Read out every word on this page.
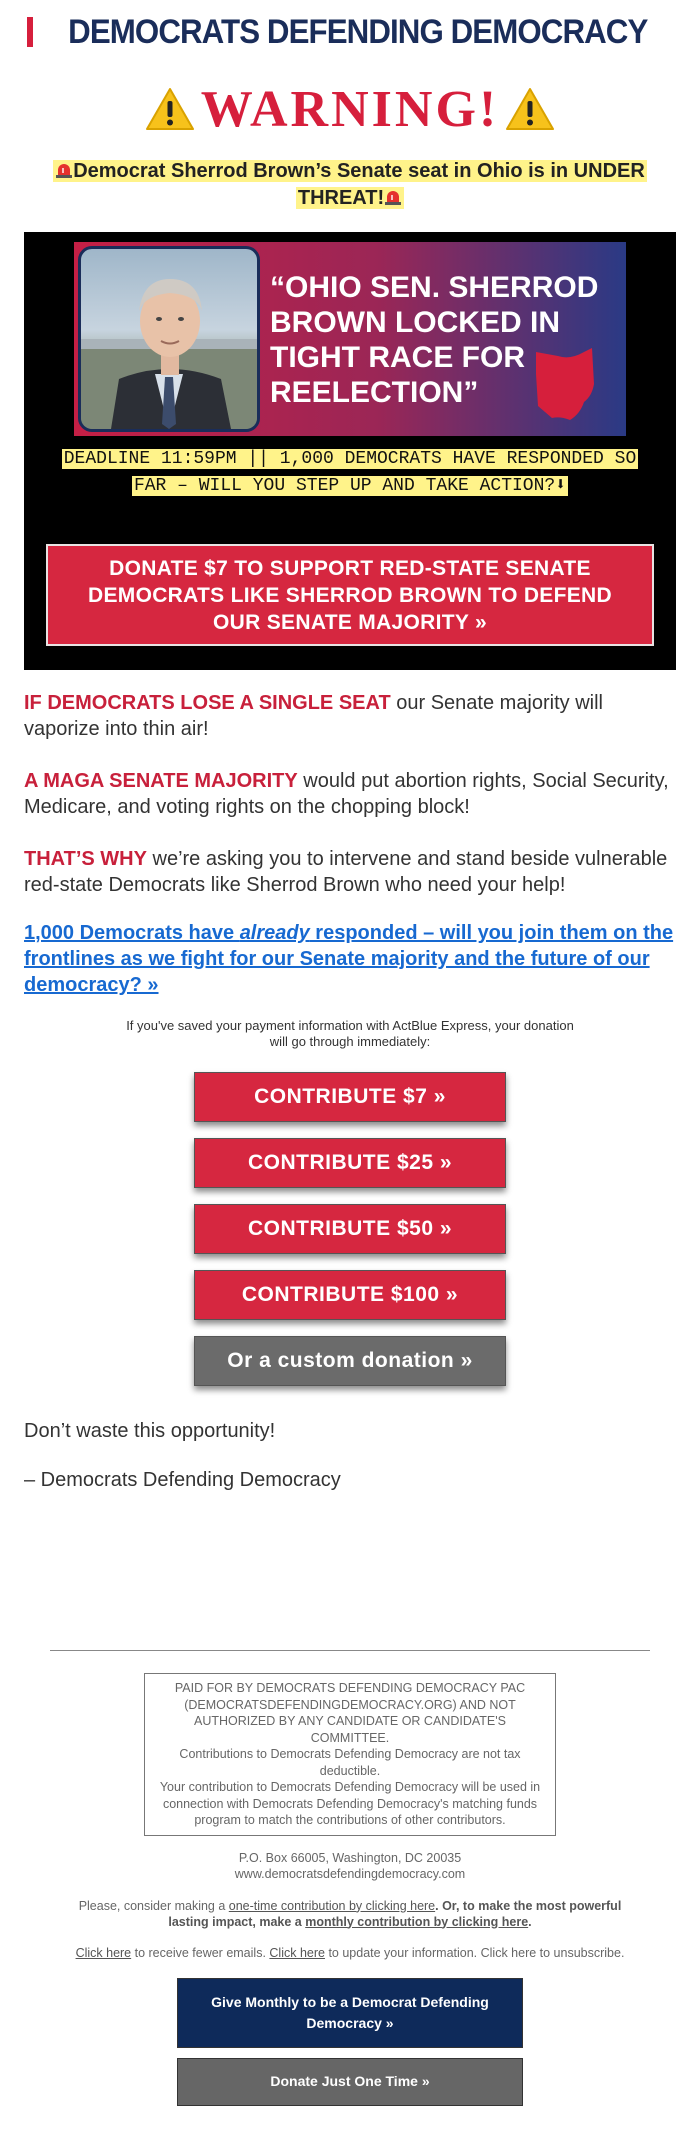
DEMOCRATS DEFENDING DEMOCRACY
WARNING!
Democrat Sherrod Brown’s Senate seat in Ohio is in UNDER THREAT!
“OHIO SEN. SHERROD BROWN LOCKED IN TIGHT RACE FOR REELECTION”
DEADLINE 11:59PM || 1,000 DEMOCRATS HAVE RESPONDED SO FAR – WILL YOU STEP UP AND TAKE ACTION?⬇
DONATE $7 TO SUPPORT RED-STATE SENATE DEMOCRATS LIKE SHERROD BROWN TO DEFEND OUR SENATE MAJORITY »
IF DEMOCRATS LOSE A SINGLE SEAT our Senate majority will vaporize into thin air!
A MAGA SENATE MAJORITY would put abortion rights, Social Security, Medicare, and voting rights on the chopping block!
THAT’S WHY we’re asking you to intervene and stand beside vulnerable red-state Democrats like Sherrod Brown who need your help!
1,000 Democrats have already responded – will you join them on the frontlines as we fight for our Senate majority and the future of our democracy? »
If you've saved your payment information with ActBlue Express, your donation will go through immediately:
CONTRIBUTE $7 »
CONTRIBUTE $25 »
CONTRIBUTE $50 »
CONTRIBUTE $100 »
Or a custom donation »
Don’t waste this opportunity!
– Democrats Defending Democracy
PAID FOR BY DEMOCRATS DEFENDING DEMOCRACY PAC (DEMOCRATSDEFENDINGDEMOCRACY.ORG) AND NOT AUTHORIZED BY ANY CANDIDATE OR CANDIDATE'S COMMITTEE.
Contributions to Democrats Defending Democracy are not tax deductible.
Your contribution to Democrats Defending Democracy will be used in connection with Democrats Defending Democracy's matching funds program to match the contributions of other contributors.
P.O. Box 66005, Washington, DC 20035
www.democratsdefendingdemocracy.com
Please, consider making a one-time contribution by clicking here. Or, to make the most powerful lasting impact, make a monthly contribution by clicking here.
Click here to receive fewer emails. Click here to update your information. Click here to unsubscribe.
Give Monthly to be a Democrat Defending Democracy »
Donate Just One Time »
